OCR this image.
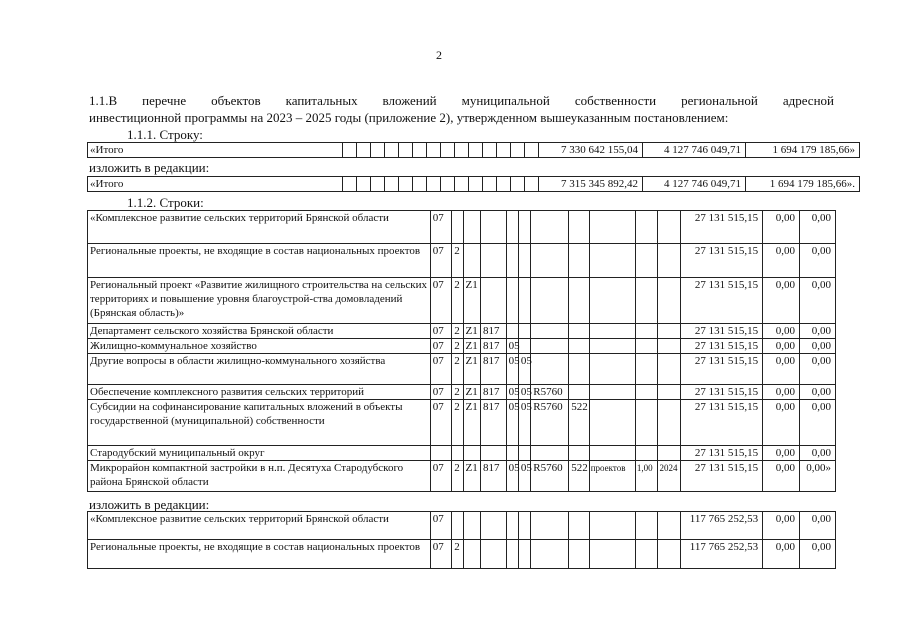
2
1.1.В перечне объектов капитальных вложений муниципальной собственности региональной адресной
инвестиционной программы на 2023 – 2025 годы (приложение 2), утвержденном вышеуказанным постановлением:
1.1.1. Строку:
«Итого															7 330 642 155,04	4 127 746 049,71	1 694 179 185,66»
изложить в редакции:
«Итого															7 315 345 892,42	4 127 746 049,71	1 694 179 185,66».
1.1.2. Строки:
«Комплексное развитие сельских территорий Брянской области	07											27 131 515,15	0,00	0,00
Региональные проекты, не входящие в состав национальных проектов	07	2										27 131 515,15	0,00	0,00
Региональный проект «Развитие жилищного строительства на сельских территориях и повышение уровня благоустрой-ства домовладений (Брянская область)»	07	2	Z1									27 131 515,15	0,00	0,00
Департамент сельского хозяйства Брянской области	07	2	Z1	817								27 131 515,15	0,00	0,00
Жилищно-коммунальное хозяйство	07	2	Z1	817	05							27 131 515,15	0,00	0,00
Другие вопросы в области жилищно-коммунального хозяйства	07	2	Z1	817	05	05						27 131 515,15	0,00	0,00
Обеспечение комплексного развития сельских территорий	07	2	Z1	817	05	05	R5760					27 131 515,15	0,00	0,00
Субсидии на софинансирование капитальных вложений в объекты государственной (муниципальной) собственности	07	2	Z1	817	05	05	R5760	522				27 131 515,15	0,00	0,00
Стародубский муниципальный округ												27 131 515,15	0,00	0,00
Микрорайон компактной застройки в н.п. Десятуха Стародубского района Брянской области	07	2	Z1	817	05	05	R5760	522	проектов	1,00	2024	27 131 515,15	0,00	0,00»
изложить в редакции:
«Комплексное развитие сельских территорий Брянской области	07											117 765 252,53	0,00	0,00
Региональные проекты, не входящие в состав национальных проектов	07	2										117 765 252,53	0,00	0,00
